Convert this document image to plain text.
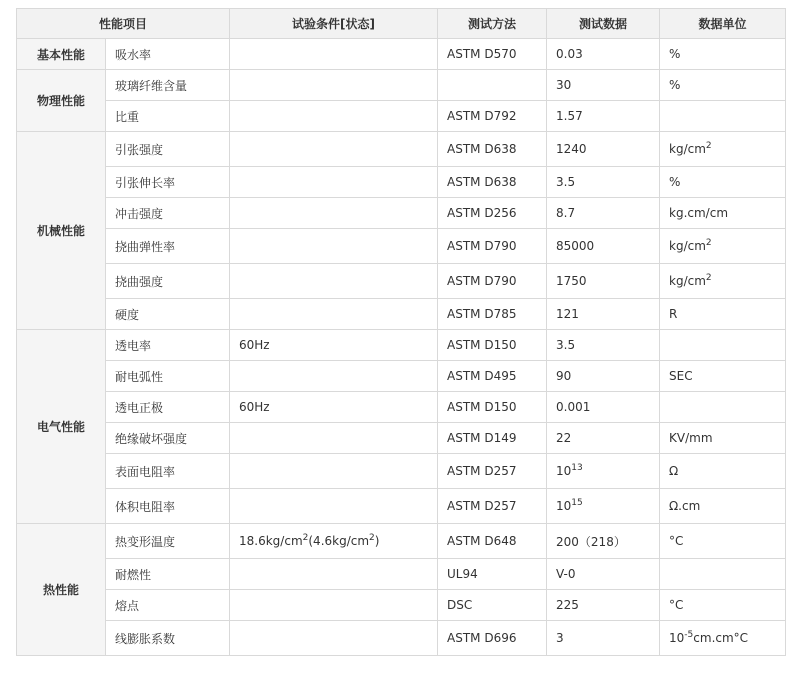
性能项目		试验条件[状态]	测试方法	测试数据	数据单位
基本性能	吸水率		ASTM D570	0.03	%
物理性能	玻璃纤维含量			30	%
	比重		ASTM D792	1.57	
机械性能	引张强度		ASTM D638	1240	$kg/cm^2$
	引张伸长率		ASTM D638	3.5	%
	冲击强度		ASTM D256	8.7	kg.cm/cm
	挠曲弹性率		ASTM D790	85000	$kg/cm^2$
	挠曲强度		ASTM D790	1750	$kg/cm^2$
	硬度		ASTM D785	121	R
电气性能	透电率	60Hz	ASTM D150	3.5	
	耐电弧性		ASTM D495	90	SEC
	透电正极	60Hz	ASTM D150	0.001	
	绝缘破坏强度		ASTM D149	22	KV/mm
	表面电阻率		ASTM D257	$10^{13}$	Ω
	体积电阻率		ASTM D257	$10^{15}$	Ω.cm
热性能	热变形温度	$18.6kg/cm^2(4.6kg/cm^2)$	ASTM D648	200（218）	°C
	耐燃性		UL94	V-0	
	熔点		DSC	225	°C
	线膨胀系数		ASTM D696	3	$10^{-5}cm.cm^\circ C$
